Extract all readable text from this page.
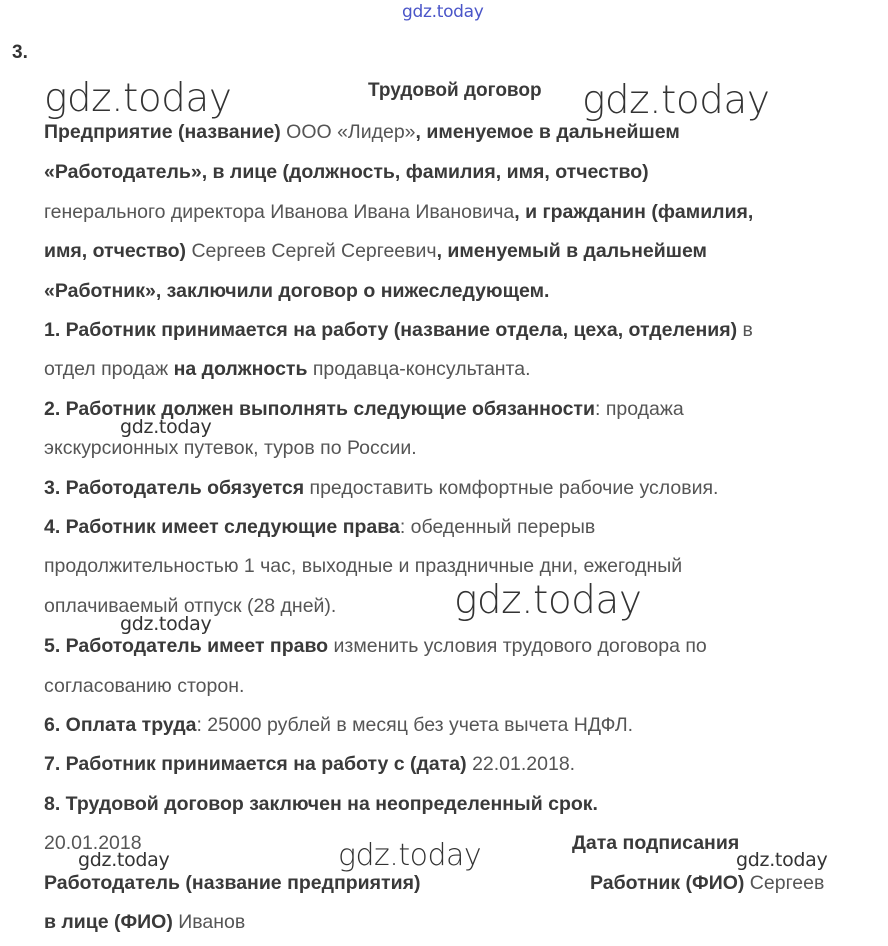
gdz.today
3.
gdz.today	Трудовой договор gdz.today
Предприятие (название) ООО «Лидер», именуемое в дальнейшем
«Работодатель», в лице (должность, фамилия, имя, отчество)
генерального директора Иванова Ивана Ивановича, и гражданин (фамилия,
имя, отчество) Сергеев Сергей Сергеевич, именуемый в дальнейшем
«Работник», заключили договор о нижеследующем.
1. Работник принимается на работу (название отдела, цеха, отделения) в
отдел продаж на должность продавца-консультанта.
2. Работник должен выполнять следующие обязанности: продажа
gdz.today
экскурсионных путевок, туров по России.
3. Работодатель обязуется предоставить комфортные рабочие условия.
4. Работник имеет следующие права: обеденный перерыв
продолжительностью 1 час, выходные и праздничные дни, ежегодный
оплачиваемый отпуск (28 дней).	gdz.today
gdz.today
5. Работодатель имеет право изменить условия трудового договора по
согласованию сторон.
6. Оплата труда: 25000 рублей в месяц без учета вычета НДФЛ.
7. Работник принимается на работу с (дата) 22.01.2018.
8. Трудовой договор заключен на неопределенный срок.
20.01.2018	Дата подписания
gdz.today	gdz.today	gdz.today
Работодатель (название предприятия)	Работник (ФИО) Сергеев
в лице (ФИО) Иванов
